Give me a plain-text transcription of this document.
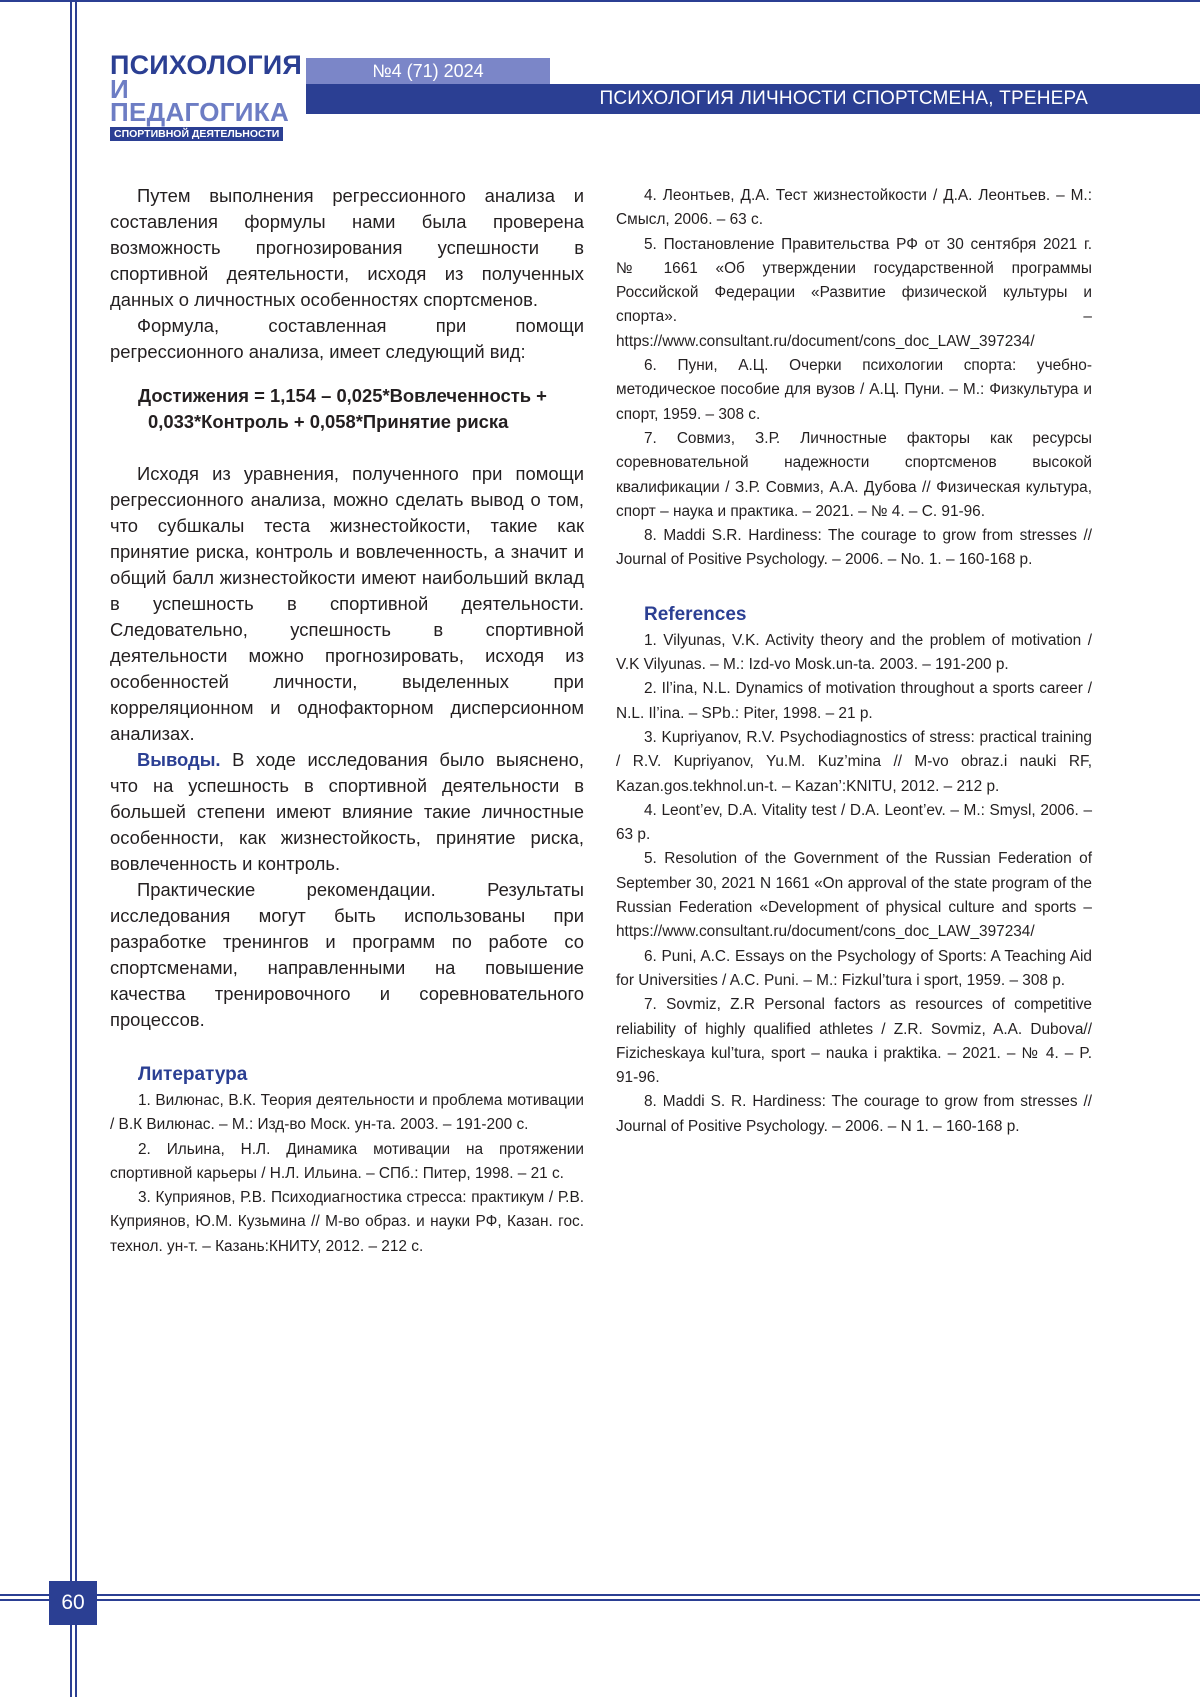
ПСИХОЛОГИЯ
И ПЕДАГОГИКА
СПОРТИВНОЙ ДЕЯТЕЛЬНОСТИ
№4 (71) 2024
ПСИХОЛОГИЯ ЛИЧНОСТИ СПОРТСМЕНА, ТРЕНЕРА

Путем выполнения регрессионного анализа и составления формулы нами была проверена возможность прогнозирования успешности в спортивной деятельности, исходя из полученных данных о личностных особенностях спортсменов.

Формула, составленная при помощи регрессионного анализа, имеет следующий вид:

Достижения = 1,154 – 0,025*Вовлеченность +
0,033*Контроль + 0,058*Принятие риска

Исходя из уравнения, полученного при помощи регрессионного анализа, можно сделать вывод о том, что субшкалы теста жизнестойкости, такие как принятие риска, контроль и вовлеченность, а значит и общий балл жизнестойкости имеют наибольший вклад в успешность в спортивной деятельности. Следовательно, успешность в спортивной деятельности можно прогнозировать, исходя из особенностей личности, выделенных при корреляционном и однофакторном дисперсионном анализах.

Выводы. В ходе исследования было выяснено, что на успешность в спортивной деятельности в большей степени имеют влияние такие личностные особенности, как жизнестойкость, принятие риска, вовлеченность и контроль.

Практические рекомендации. Результаты исследования могут быть использованы при разработке тренингов и программ по работе со спортсменами, направленными на повышение качества тренировочного и соревновательного процессов.

Литература

1. Вилюнас, В.К. Теория деятельности и проблема мотивации / В.К Вилюнас. – М.: Изд-во Моск. ун-та. 2003. – 191-200 с.

2. Ильина, Н.Л. Динамика мотивации на протяжении спортивной карьеры / Н.Л. Ильина. – СПб.: Питер, 1998. – 21 с.

3. Куприянов, Р.В. Психодиагностика стресса: практикум / Р.В. Куприянов, Ю.М. Кузьмина // М-во образ. и науки РФ, Казан. гос. технол. ун-т. – Казань:КНИТУ, 2012. – 212 с.

4. Леонтьев, Д.А. Тест жизнестойкости / Д.А. Леонтьев. – М.: Смысл, 2006. – 63 с.

5. Постановление Правительства РФ от 30 сентября 2021 г. № 1661 «Об утверждении государственной программы Российской Федерации «Развитие физической культуры и спорта». – https://www.consultant.ru/document/cons_doc_LAW_397234/

6. Пуни, А.Ц. Очерки психологии спорта: учебно-методическое пособие для вузов / А.Ц. Пуни. – М.: Физкультура и спорт, 1959. – 308 с.

7. Совмиз, З.Р. Личностные факторы как ресурсы соревновательной надежности спортсменов высокой квалификации / З.Р. Совмиз, А.А. Дубова // Физическая культура, спорт – наука и практика. – 2021. – № 4. – С. 91-96.

8. Maddi S.R. Hardiness: The courage to grow from stresses // Journal of Positive Psychology. – 2006. – No. 1. – 160-168 p.

References

1. Vilyunas, V.K. Activity theory and the problem of motivation / V.K Vilyunas. – M.: Izd-vo Mosk.un-ta. 2003. – 191-200 p.

2. Il’ina, N.L. Dynamics of motivation throughout a sports career / N.L. Il’ina. – SPb.: Piter, 1998. – 21 p.

3. Kupriyanov, R.V. Psychodiagnostics of stress: practical training / R.V. Kupriyanov, Yu.M. Kuz’mina // M-vo obraz.i nauki RF, Kazan.gos.tekhnol.un-t. – Kazan’:KNITU, 2012. – 212 p.

4. Leont’ev, D.A. Vitality test / D.A. Leont’ev. – M.: Smysl, 2006. – 63 p.

5. Resolution of the Government of the Russian Federation of September 30, 2021 N 1661 «On approval of the state program of the Russian Federation «Development of physical culture and sports – https://www.consultant.ru/document/cons_doc_LAW_397234/

6. Puni, A.C. Essays on the Psychology of Sports: A Teaching Aid for Universities / A.C. Puni. – M.: Fizkul’tura i sport, 1959. – 308 p.

7. Sovmiz, Z.R Personal factors as resources of competitive reliability of highly qualified athletes / Z.R. Sovmiz, A.A. Dubova// Fizicheskaya kul’tura, sport – nauka i praktika. – 2021. – № 4. – P. 91-96.

8. Maddi S. R. Hardiness: The courage to grow from stresses // Journal of Positive Psychology. – 2006. – N 1. – 160-168 p.

60
